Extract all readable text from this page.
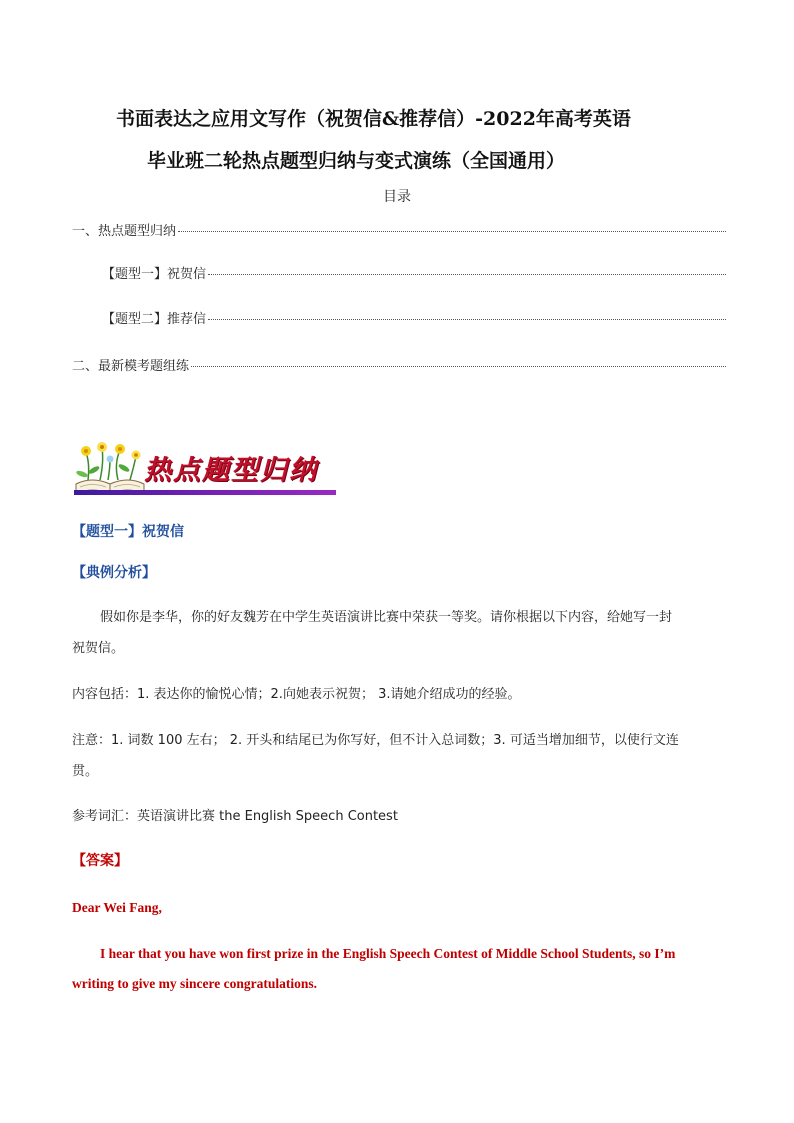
书面表达之应用文写作（祝贺信&推荐信）-2022年高考英语
毕业班二轮热点题型归纳与变式演练（全国通用）
目录
一、热点题型归纳
【题型一】祝贺信
【题型二】推荐信
二、最新模考题组练
热点题型归纳
【题型一】祝贺信
【典例分析】
假如你是李华，你的好友魏芳在中学生英语演讲比赛中荣获一等奖。请你根据以下内容，给她写一封
祝贺信。
内容包括：1. 表达你的愉悦心情；2.向她表示祝贺； 3.请她介绍成功的经验。
注意：1. 词数 100 左右； 2. 开头和结尾已为你写好，但不计入总词数；3. 可适当增加细节，以使行文连
贯。
参考词汇：英语演讲比赛 the English Speech Contest
【答案】
Dear Wei Fang,
I hear that you have won first prize in the English Speech Contest of Middle School Students, so I’m
writing to give my sincere congratulations.
